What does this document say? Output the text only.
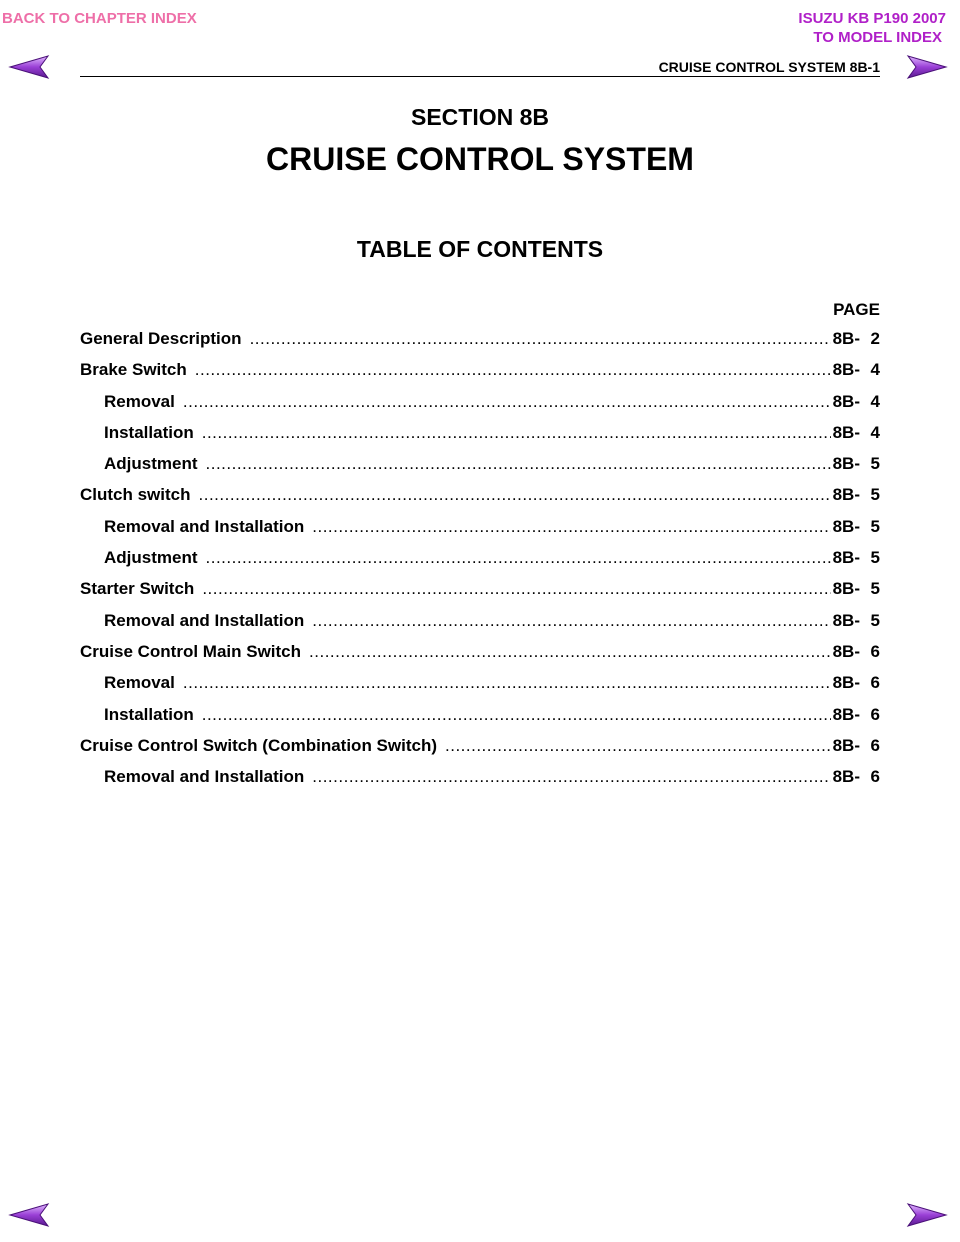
BACK TO CHAPTER INDEX	ISUZU KB P190 2007
TO MODEL INDEX
CRUISE CONTROL SYSTEM 8B-1
SECTION 8B
CRUISE CONTROL SYSTEM
TABLE OF CONTENTS
PAGE
General Description .....	8B- 2
Brake Switch .....	8B- 4
Removal .....	8B- 4
Installation .....	8B- 4
Adjustment .....	8B- 5
Clutch switch .....	8B- 5
Removal and Installation .....	8B- 5
Adjustment .....	8B- 5
Starter Switch .....	8B- 5
Removal and Installation .....	8B- 5
Cruise Control Main Switch .....	8B- 6
Removal .....	8B- 6
Installation .....	8B- 6
Cruise Control Switch (Combination Switch) .....	8B- 6
Removal and Installation .....	8B- 6
